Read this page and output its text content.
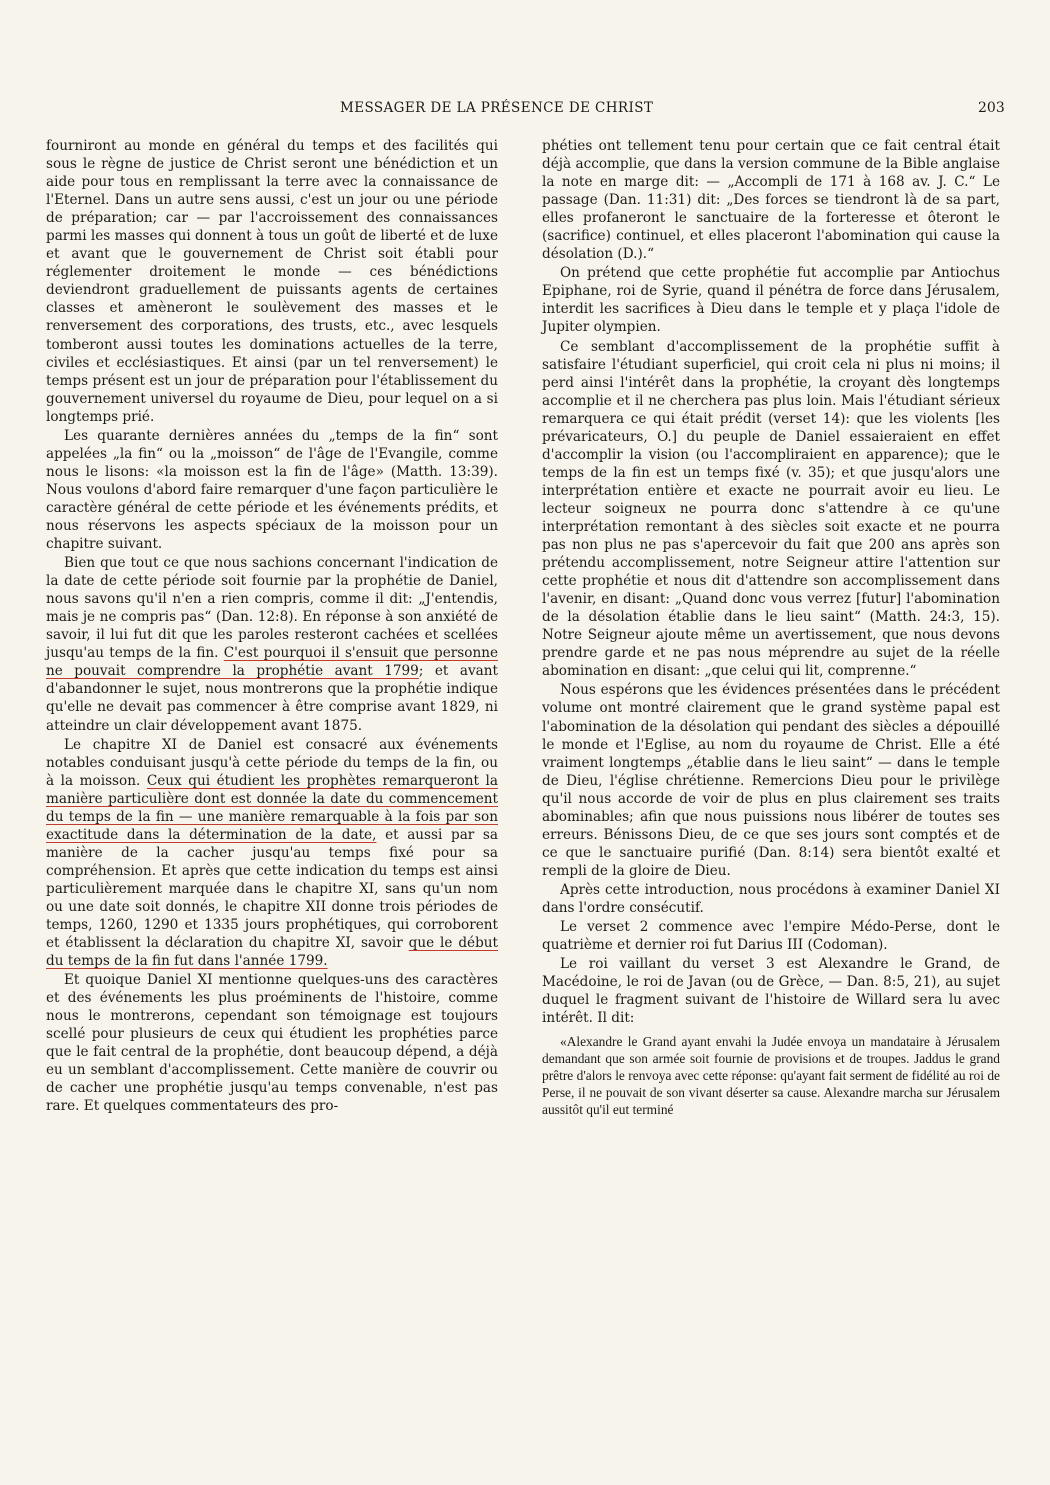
MESSAGER DE LA PRÉSENCE DE CHRIST	203

fourniront au monde en général du temps et des facilités qui sous le règne de justice de Christ seront une bénédiction et un aide pour tous en remplissant la terre avec la connaissance de l'Eternel. Dans un autre sens aussi, c'est un jour ou une période de préparation; car — par l'accroissement des connaissances parmi les masses qui donnent à tous un goût de liberté et de luxe et avant que le gouvernement de Christ soit établi pour réglementer droitement le monde — ces bénédictions deviendront graduellement de puissants agents de certaines classes et amèneront le soulèvement des masses et le renversement des corporations, des trusts, etc., avec lesquels tomberont aussi toutes les dominations actuelles de la terre, civiles et ecclésiastiques. Et ainsi (par un tel renversement) le temps présent est un jour de préparation pour l'établissement du gouvernement universel du royaume de Dieu, pour lequel on a si longtemps prié.

Les quarante dernières années du „temps de la fin“ sont appelées „la fin“ ou la „moisson“ de l'âge de l'Evangile, comme nous le lisons: «la moisson est la fin de l'âge» (Matth. 13:39). Nous voulons d'abord faire remarquer d'une façon particulière le caractère général de cette période et les événements prédits, et nous réservons les aspects spéciaux de la moisson pour un chapitre suivant.

Bien que tout ce que nous sachions concernant l'indication de la date de cette période soit fournie par la prophétie de Daniel, nous savons qu'il n'en a rien compris, comme il dit: „J'entendis, mais je ne compris pas“ (Dan. 12:8). En réponse à son anxiété de savoir, il lui fut dit que les paroles resteront cachées et scellées jusqu'au temps de la fin. C'est pourquoi il s'ensuit que personne ne pouvait comprendre la prophétie avant 1799; et avant d'abandonner le sujet, nous montrerons que la prophétie indique qu'elle ne devait pas commencer à être comprise avant 1829, ni atteindre un clair développement avant 1875.

Le chapitre XI de Daniel est consacré aux événements notables conduisant jusqu'à cette période du temps de la fin, ou à la moisson. Ceux qui étudient les prophètes remarqueront la manière particulière dont est donnée la date du commencement du temps de la fin — une manière remarquable à la fois par son exactitude dans la détermination de la date, et aussi par sa manière de la cacher jusqu'au temps fixé pour sa compréhension. Et après que cette indication du temps est ainsi particulièrement marquée dans le chapitre XI, sans qu'un nom ou une date soit donnés, le chapitre XII donne trois périodes de temps, 1260, 1290 et 1335 jours prophétiques, qui corroborent et établissent la déclaration du chapitre XI, savoir que le début du temps de la fin fut dans l'année 1799.

Et quoique Daniel XI mentionne quelques-uns des caractères et des événements les plus proéminents de l'histoire, comme nous le montrerons, cependant son témoignage est toujours scellé pour plusieurs de ceux qui étudient les prophéties parce que le fait central de la prophétie, dont beaucoup dépend, a déjà eu un semblant d'accomplissement. Cette manière de couvrir ou de cacher une prophétie jusqu'au temps convenable, n'est pas rare. Et quelques commentateurs des pro-

phéties ont tellement tenu pour certain que ce fait central était déjà accomplie, que dans la version commune de la Bible anglaise la note en marge dit: — „Accompli de 171 à 168 av. J. C.“ Le passage (Dan. 11:31) dit: „Des forces se tiendront là de sa part, elles profaneront le sanctuaire de la forteresse et ôteront le (sacrifice) continuel, et elles placeront l'abomination qui cause la désolation (D.).“

On prétend que cette prophétie fut accomplie par Antiochus Epiphane, roi de Syrie, quand il pénétra de force dans Jérusalem, interdit les sacrifices à Dieu dans le temple et y plaça l'idole de Jupiter olympien.

Ce semblant d'accomplissement de la prophétie suffit à satisfaire l'étudiant superficiel, qui croit cela ni plus ni moins; il perd ainsi l'intérêt dans la prophétie, la croyant dès longtemps accomplie et il ne cherchera pas plus loin. Mais l'étudiant sérieux remarquera ce qui était prédit (verset 14): que les violents [les prévaricateurs, O.] du peuple de Daniel essaieraient en effet d'accomplir la vision (ou l'accompliraient en apparence); que le temps de la fin est un temps fixé (v. 35); et que jusqu'alors une interprétation entière et exacte ne pourrait avoir eu lieu. Le lecteur soigneux ne pourra donc s'attendre à ce qu'une interprétation remontant à des siècles soit exacte et ne pourra pas non plus ne pas s'apercevoir du fait que 200 ans après son prétendu accomplissement, notre Seigneur attire l'attention sur cette prophétie et nous dit d'attendre son accomplissement dans l'avenir, en disant: „Quand donc vous verrez [futur] l'abomination de la désolation établie dans le lieu saint“ (Matth. 24:3, 15). Notre Seigneur ajoute même un avertissement, que nous devons prendre garde et ne pas nous méprendre au sujet de la réelle abomination en disant: „que celui qui lit, comprenne.“

Nous espérons que les évidences présentées dans le précédent volume ont montré clairement que le grand système papal est l'abomination de la désolation qui pendant des siècles a dépouillé le monde et l'Eglise, au nom du royaume de Christ. Elle a été vraiment longtemps „établie dans le lieu saint“ — dans le temple de Dieu, l'église chrétienne. Remercions Dieu pour le privilège qu'il nous accorde de voir de plus en plus clairement ses traits abominables; afin que nous puissions nous libérer de toutes ses erreurs. Bénissons Dieu, de ce que ses jours sont comptés et de ce que le sanctuaire purifié (Dan. 8:14) sera bientôt exalté et rempli de la gloire de Dieu.

Après cette introduction, nous procédons à examiner Daniel XI dans l'ordre consécutif.

Le verset 2 commence avec l'empire Médo-Perse, dont le quatrième et dernier roi fut Darius III (Codoman).

Le roi vaillant du verset 3 est Alexandre le Grand, de Macédoine, le roi de Javan (ou de Grèce, — Dan. 8:5, 21), au sujet duquel le fragment suivant de l'histoire de Willard sera lu avec intérêt. Il dit:

«Alexandre le Grand ayant envahi la Judée envoya un mandataire à Jérusalem demandant que son armée soit fournie de provisions et de troupes. Jaddus le grand prêtre d'alors le renvoya avec cette réponse: qu'ayant fait serment de fidélité au roi de Perse, il ne pouvait de son vivant déserter sa cause. Alexandre marcha sur Jérusalem aussitôt qu'il eut terminé
